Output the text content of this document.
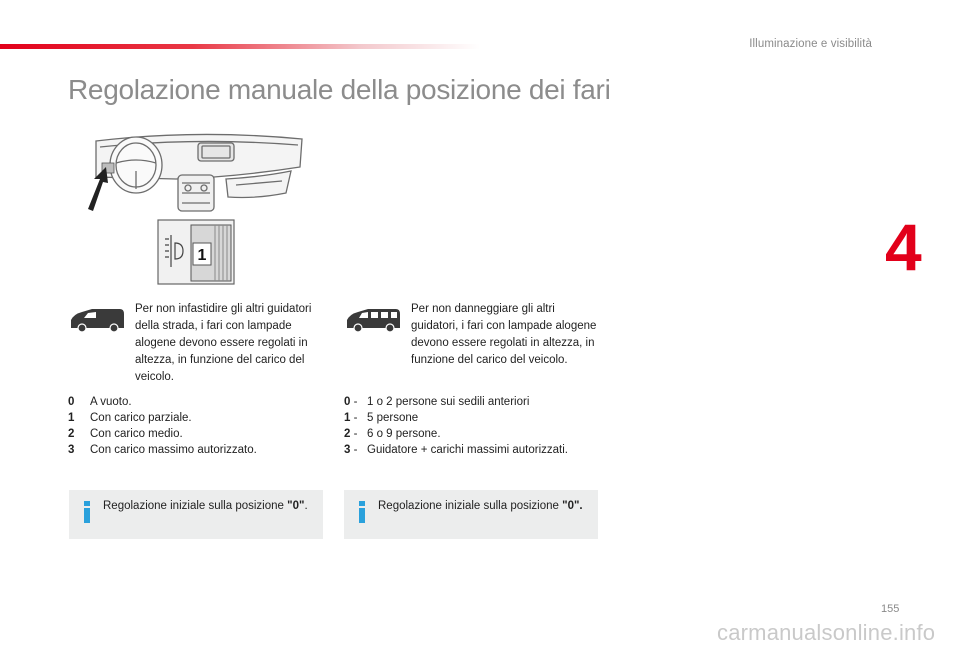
Illuminazione e visibilità
Regolazione manuale della posizione dei fari
4
1

Per non infastidire gli altri guidatori della strada, i fari con lampade alogene devono essere regolati in altezza, in funzione del carico del veicolo.

Per non danneggiare gli altri guidatori, i fari con lampade alogene devono essere regolati in altezza, in funzione del carico del veicolo.

0	A vuoto.
1	Con carico parziale.
2	Con carico medio.
3	Con carico massimo autorizzato.
0 - 1 o 2 persone sui sedili anteriori
1 - 5 persone
2 - 6 o 9 persone.
3 - Guidatore + carichi massimi autorizzati.
Regolazione iniziale sulla posizione "0".	Regolazione iniziale sulla posizione "0".
155
carmanualsonline.info
